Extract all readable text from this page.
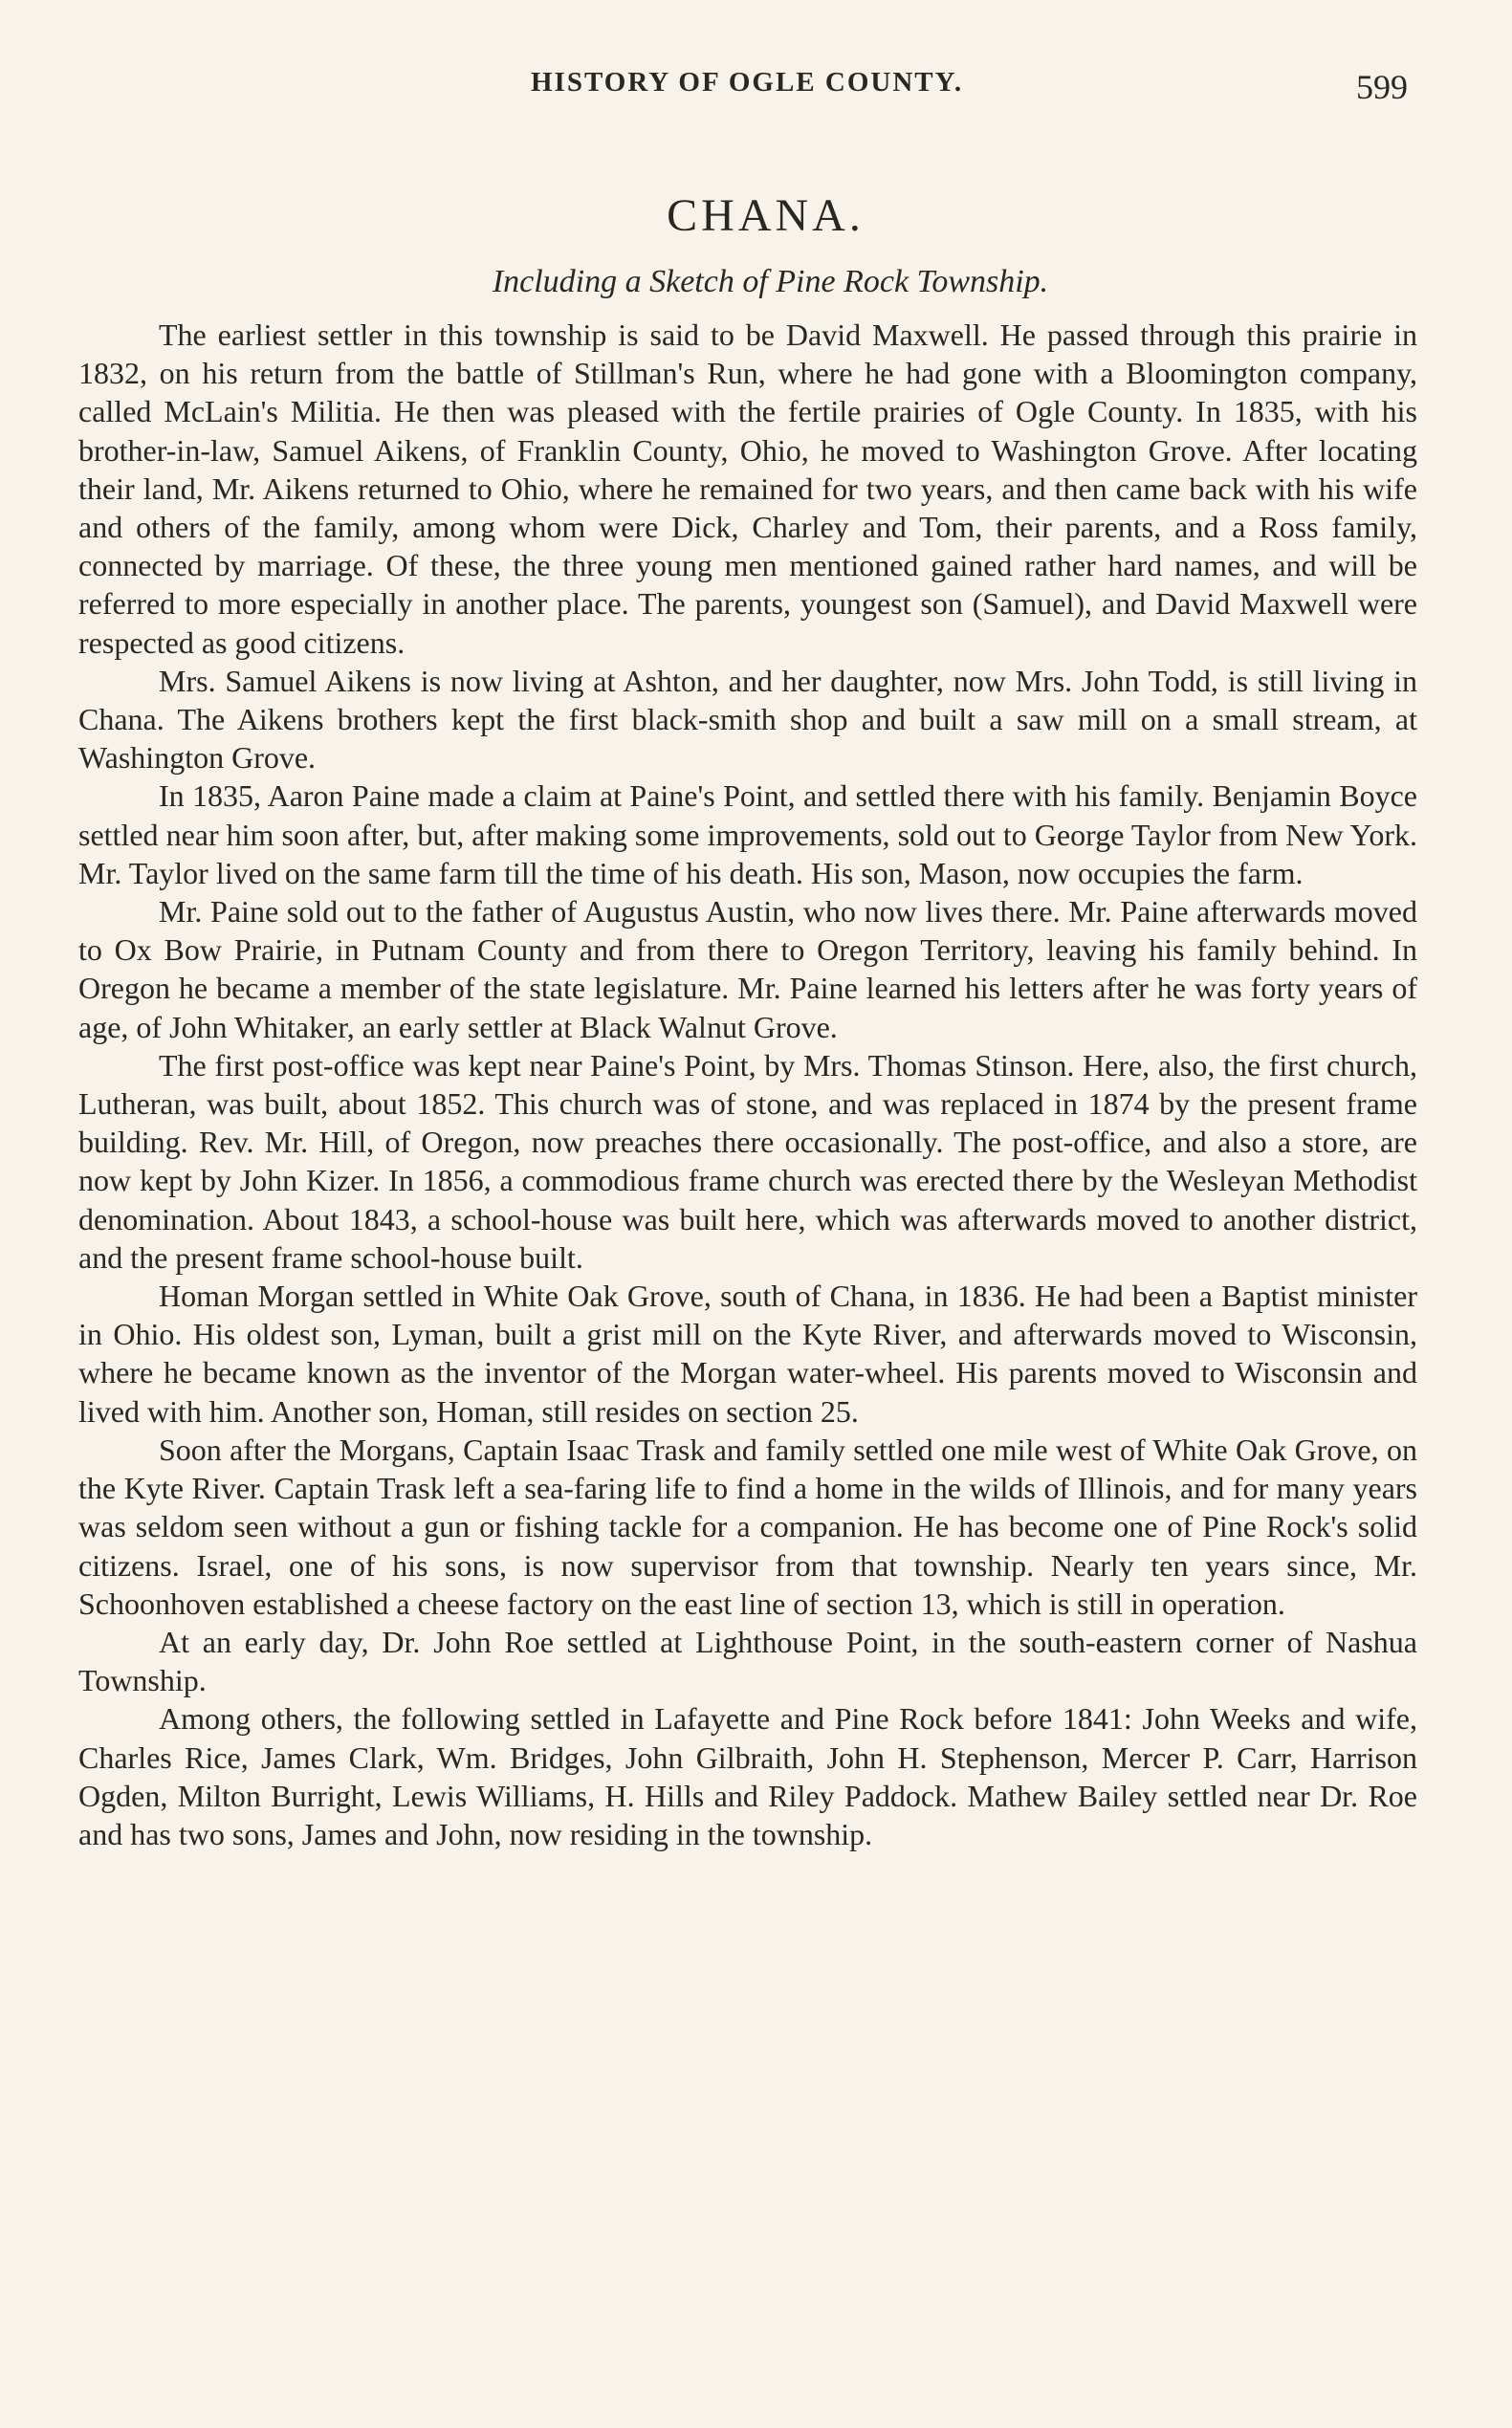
HISTORY OF OGLE COUNTY.	599
CHANA.
Including a Sketch of Pine Rock Township.

The earliest settler in this township is said to be David Maxwell. He passed through this prairie in 1832, on his return from the battle of Stillman's Run, where he had gone with a Bloomington company, called McLain's Militia. He then was pleased with the fertile prairies of Ogle County. In 1835, with his brother-in-law, Samuel Aikens, of Franklin County, Ohio, he moved to Washington Grove. After locating their land, Mr. Aikens returned to Ohio, where he remained for two years, and then came back with his wife and others of the family, among whom were Dick, Charley and Tom, their parents, and a Ross family, connected by marriage. Of these, the three young men mentioned gained rather hard names, and will be referred to more especially in another place. The parents, youngest son (Samuel), and David Maxwell were respected as good citizens.

Mrs. Samuel Aikens is now living at Ashton, and her daughter, now Mrs. John Todd, is still living in Chana. The Aikens brothers kept the first black-smith shop and built a saw mill on a small stream, at Washington Grove.

In 1835, Aaron Paine made a claim at Paine's Point, and settled there with his family. Benjamin Boyce settled near him soon after, but, after making some improvements, sold out to George Taylor from New York. Mr. Taylor lived on the same farm till the time of his death. His son, Mason, now occupies the farm.

Mr. Paine sold out to the father of Augustus Austin, who now lives there. Mr. Paine afterwards moved to Ox Bow Prairie, in Putnam County and from there to Oregon Territory, leaving his family behind. In Oregon he became a member of the state legislature. Mr. Paine learned his letters after he was forty years of age, of John Whitaker, an early settler at Black Walnut Grove.

The first post-office was kept near Paine's Point, by Mrs. Thomas Stinson. Here, also, the first church, Lutheran, was built, about 1852. This church was of stone, and was replaced in 1874 by the present frame building. Rev. Mr. Hill, of Oregon, now preaches there occasionally. The post-office, and also a store, are now kept by John Kizer. In 1856, a commodious frame church was erected there by the Wesleyan Methodist denomination. About 1843, a school-house was built here, which was afterwards moved to another district, and the present frame school-house built.

Homan Morgan settled in White Oak Grove, south of Chana, in 1836. He had been a Baptist minister in Ohio. His oldest son, Lyman, built a grist mill on the Kyte River, and afterwards moved to Wisconsin, where he became known as the inventor of the Morgan water-wheel. His parents moved to Wisconsin and lived with him. Another son, Homan, still resides on section 25.

Soon after the Morgans, Captain Isaac Trask and family settled one mile west of White Oak Grove, on the Kyte River. Captain Trask left a sea-faring life to find a home in the wilds of Illinois, and for many years was seldom seen without a gun or fishing tackle for a companion. He has become one of Pine Rock's solid citizens. Israel, one of his sons, is now supervisor from that township. Nearly ten years since, Mr. Schoonhoven established a cheese factory on the east line of section 13, which is still in operation.

At an early day, Dr. John Roe settled at Lighthouse Point, in the south-eastern corner of Nashua Township.

Among others, the following settled in Lafayette and Pine Rock before 1841: John Weeks and wife, Charles Rice, James Clark, Wm. Bridges, John Gilbraith, John H. Stephenson, Mercer P. Carr, Harrison Ogden, Milton Burright, Lewis Williams, H. Hills and Riley Paddock. Mathew Bailey settled near Dr. Roe and has two sons, James and John, now residing in the township.
